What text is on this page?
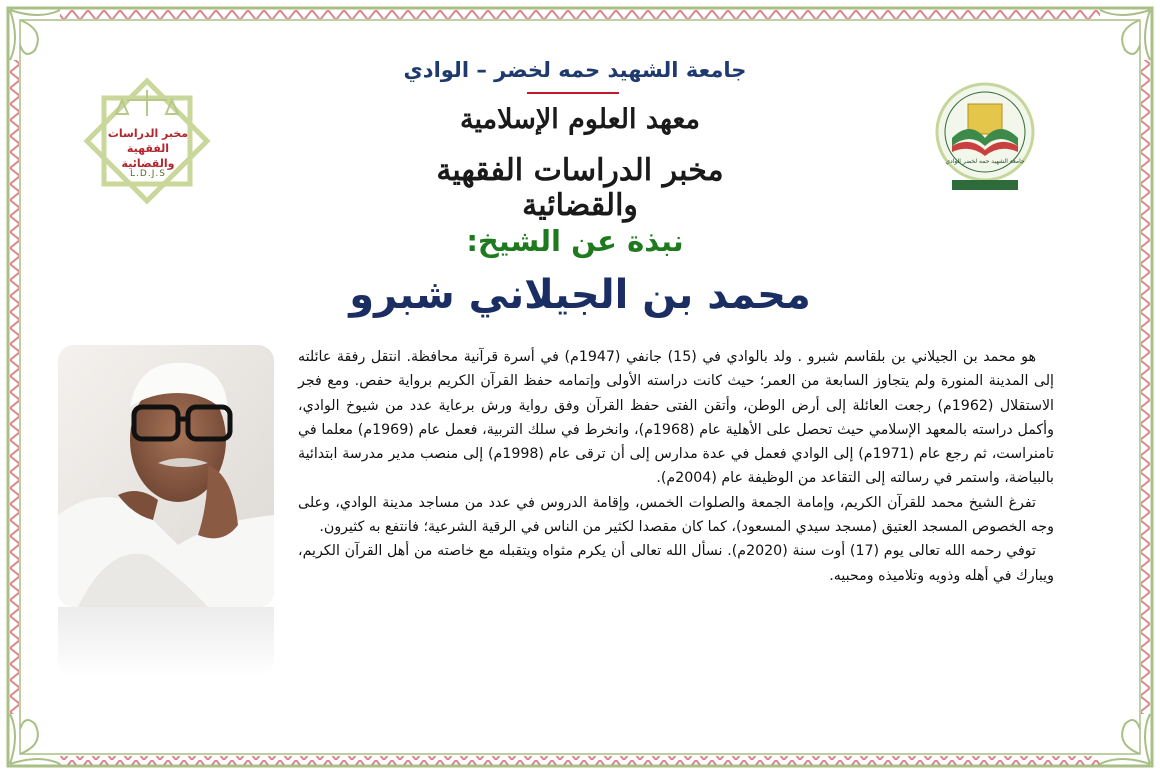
مخبر الدراسات الفقهية والقضائية
L.D.J.S
جامعة الشهيد حمه لخضر الوادي
جامعة الشهيد حمه لخضر – الوادي
معهد العلوم الإسلامية
مخبر الدراسات الفقهية والقضائية
نبذة عن الشيخ:
محمد بن الجيلاني شبرو

هو محمد بن الجيلاني بن بلقاسم شبرو . ولد بالوادي في (15) جانفي (1947م) في أسرة قرآنية محافظة. انتقل رفقة عائلته إلى المدينة المنورة ولم يتجاوز السابعة من العمر؛ حيث كانت دراسته الأولى وإتمامه حفظ القرآن الكريم برواية حفص. ومع فجر الاستقلال (1962م) رجعت العائلة إلى أرض الوطن، وأتقن الفتى حفظ القرآن وفق رواية ورش برعاية عدد من شيوخ الوادي، وأكمل دراسته بالمعهد الإسلامي حيث تحصل على الأهلية عام (1968م)، وانخرط في سلك التربية، فعمل عام (1969م) معلما في تامنراست، ثم رجع عام (1971م) إلى الوادي فعمل في عدة مدارس إلى أن ترقى عام (1998م) إلى منصب مدير مدرسة ابتدائية بالبياضة، واستمر في رسالته إلى التقاعد من الوظيفة عام (2004م).

تفرغ الشيخ محمد للقرآن الكريم، وإمامة الجمعة والصلوات الخمس، وإقامة الدروس في عدد من مساجد مدينة الوادي، وعلى وجه الخصوص المسجد العتيق (مسجد سيدي المسعود)، كما كان مقصدا لكثير من الناس في الرقية الشرعية؛ فانتفع به كثيرون.

توفي رحمه الله تعالى يوم (17) أوت سنة (2020م). نسأل الله تعالى أن يكرم مثواه ويتقبله مع خاصته من أهل القرآن الكريم، ويبارك في أهله وذويه وتلاميذه ومحبيه.
